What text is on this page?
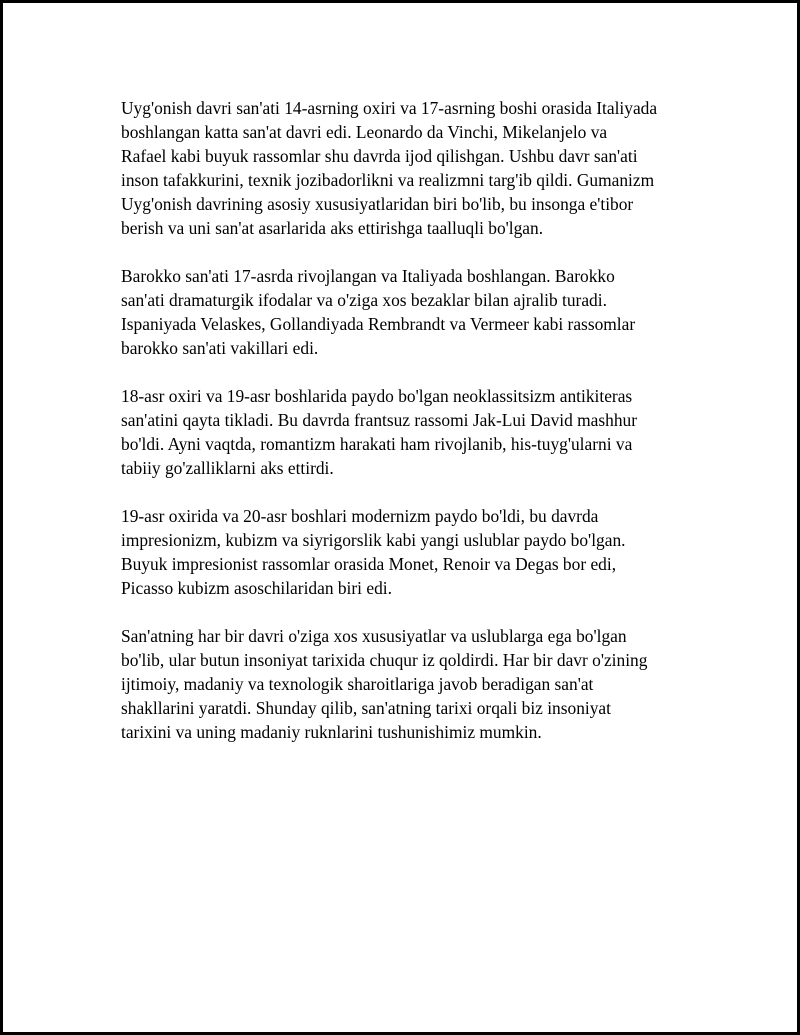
Uyg'onish davri san'ati 14-asrning oxiri va 17-asrning boshi orasida Italiyada
boshlangan katta san'at davri edi. Leonardo da Vinchi, Mikelanjelo va
Rafael kabi buyuk rassomlar shu davrda ijod qilishgan. Ushbu davr san'ati
inson tafakkurini, texnik jozibadorlikni va realizmni targ'ib qildi. Gumanizm
Uyg'onish davrining asosiy xususiyatlaridan biri bo'lib, bu insonga e'tibor
berish va uni san'at asarlarida aks ettirishga taalluqli bo'lgan.

Barokko san'ati 17-asrda rivojlangan va Italiyada boshlangan. Barokko
san'ati dramaturgik ifodalar va o'ziga xos bezaklar bilan ajralib turadi.
Ispaniyada Velaskes, Gollandiyada Rembrandt va Vermeer kabi rassomlar
barokko san'ati vakillari edi.

18-asr oxiri va 19-asr boshlarida paydo bo'lgan neoklassitsizm antikiteras
san'atini qayta tikladi. Bu davrda frantsuz rassomi Jak-Lui David mashhur
bo'ldi. Ayni vaqtda, romantizm harakati ham rivojlanib, his-tuyg'ularni va
tabiiy go'zalliklarni aks ettirdi.

19-asr oxirida va 20-asr boshlari modernizm paydo bo'ldi, bu davrda
impresionizm, kubizm va siyrigorslik kabi yangi uslublar paydo bo'lgan.
Buyuk impresionist rassomlar orasida Monet, Renoir va Degas bor edi,
Picasso kubizm asoschilaridan biri edi.

San'atning har bir davri o'ziga xos xususiyatlar va uslublarga ega bo'lgan
bo'lib, ular butun insoniyat tarixida chuqur iz qoldirdi. Har bir davr o'zining
ijtimoiy, madaniy va texnologik sharoitlariga javob beradigan san'at
shakllarini yaratdi. Shunday qilib, san'atning tarixi orqali biz insoniyat
tarixini va uning madaniy ruknlarini tushunishimiz mumkin.
